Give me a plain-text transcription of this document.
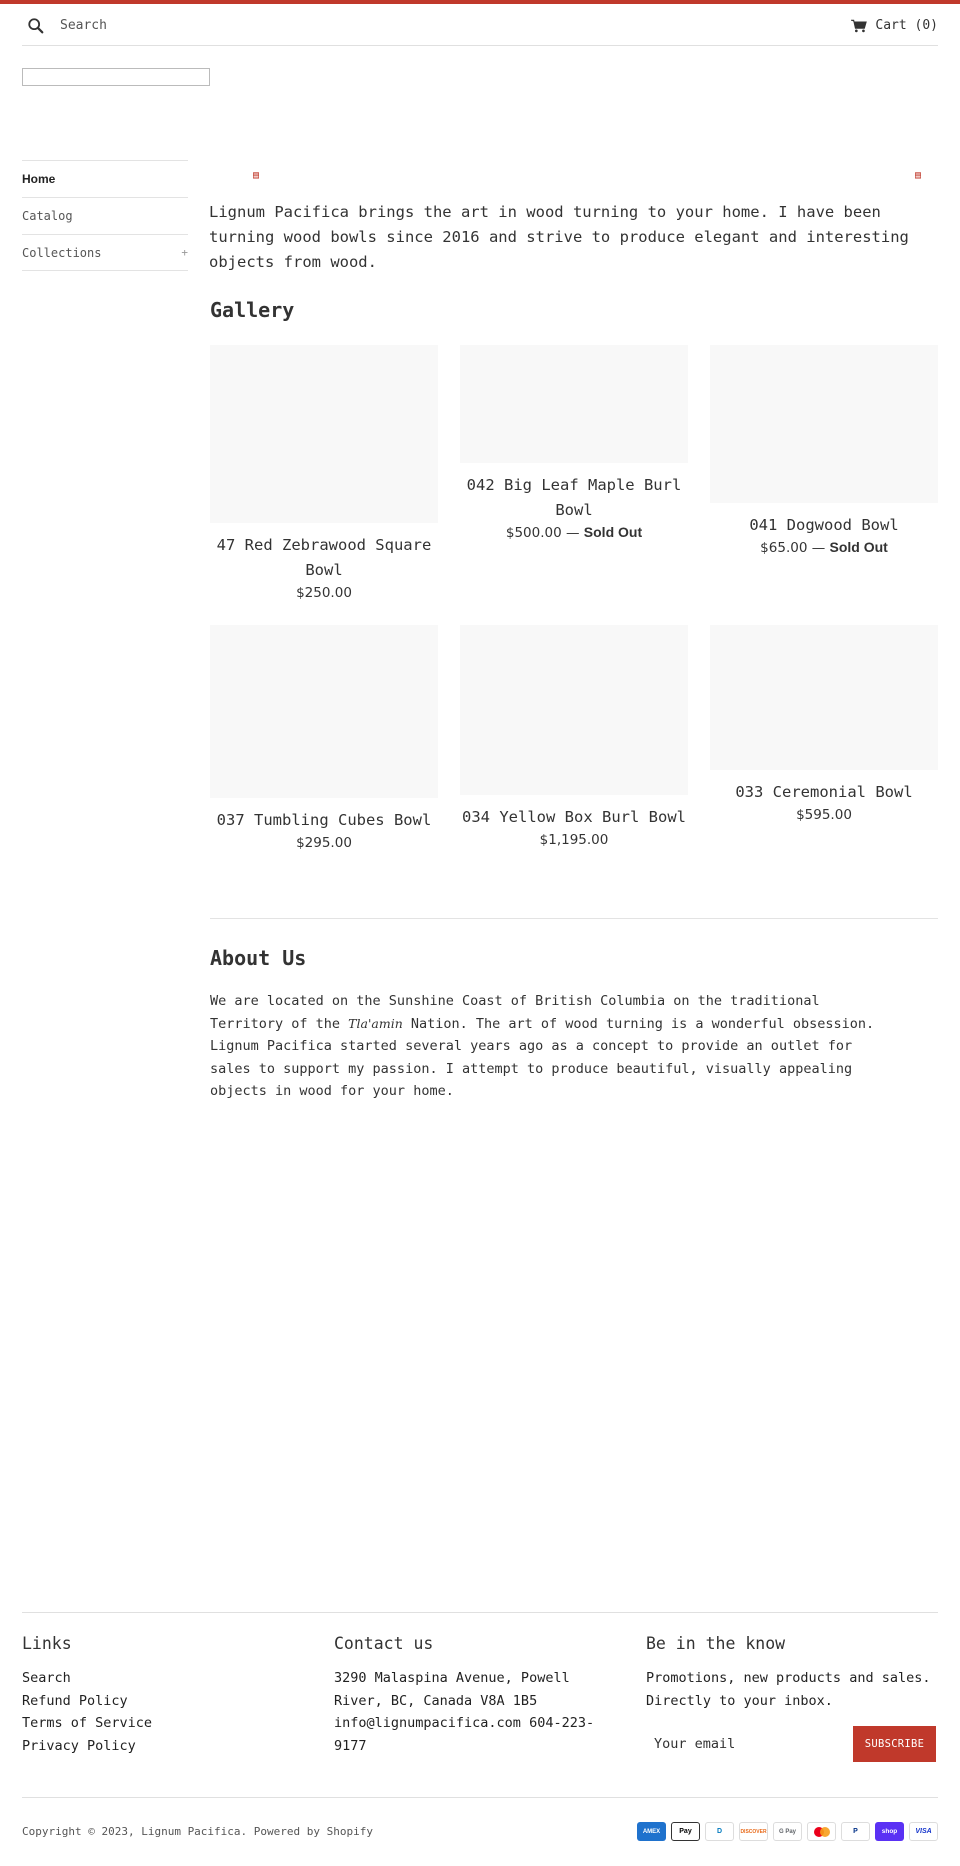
Search
Cart (0)
Home
Catalog
Collections	+
▤	▤

Lignum Pacifica brings the art in wood turning to your home. I have been turning wood bowls since 2016 and strive to produce elegant and interesting objects from wood.

Gallery
47 Red Zebrawood Square Bowl
$250.00
042 Big Leaf Maple Burl Bowl
$500.00 — Sold Out	041 Dogwood Bowl
$65.00 — Sold Out
037 Tumbling Cubes Bowl
$295.00
034 Yellow Box Burl Bowl
$1,195.00
033 Ceremonial Bowl
$595.00
About Us

We are located on the Sunshine Coast of British Columbia on the traditional Territory of the Tla'amin Nation. The art of wood turning is a wonderful obsession. Lignum Pacifica started several years ago as a concept to provide an outlet for sales to support my passion. I attempt to produce beautiful, visually appealing objects in wood for your home.

Links
Search
Refund Policy
Terms of Service
Privacy Policy
Contact us

3290 Malaspina Avenue, Powell River, BC, Canada V8A 1B5 info@lignumpacifica.com 604-223-9177

Be in the know

Promotions, new products and sales. Directly to your inbox.

Your email
SUBSCRIBE
Copyright © 2023, Lignum Pacifica. Powered by Shopify	AMEX	Pay	D	DISCOVER	G Pay	P	shop	VISA
